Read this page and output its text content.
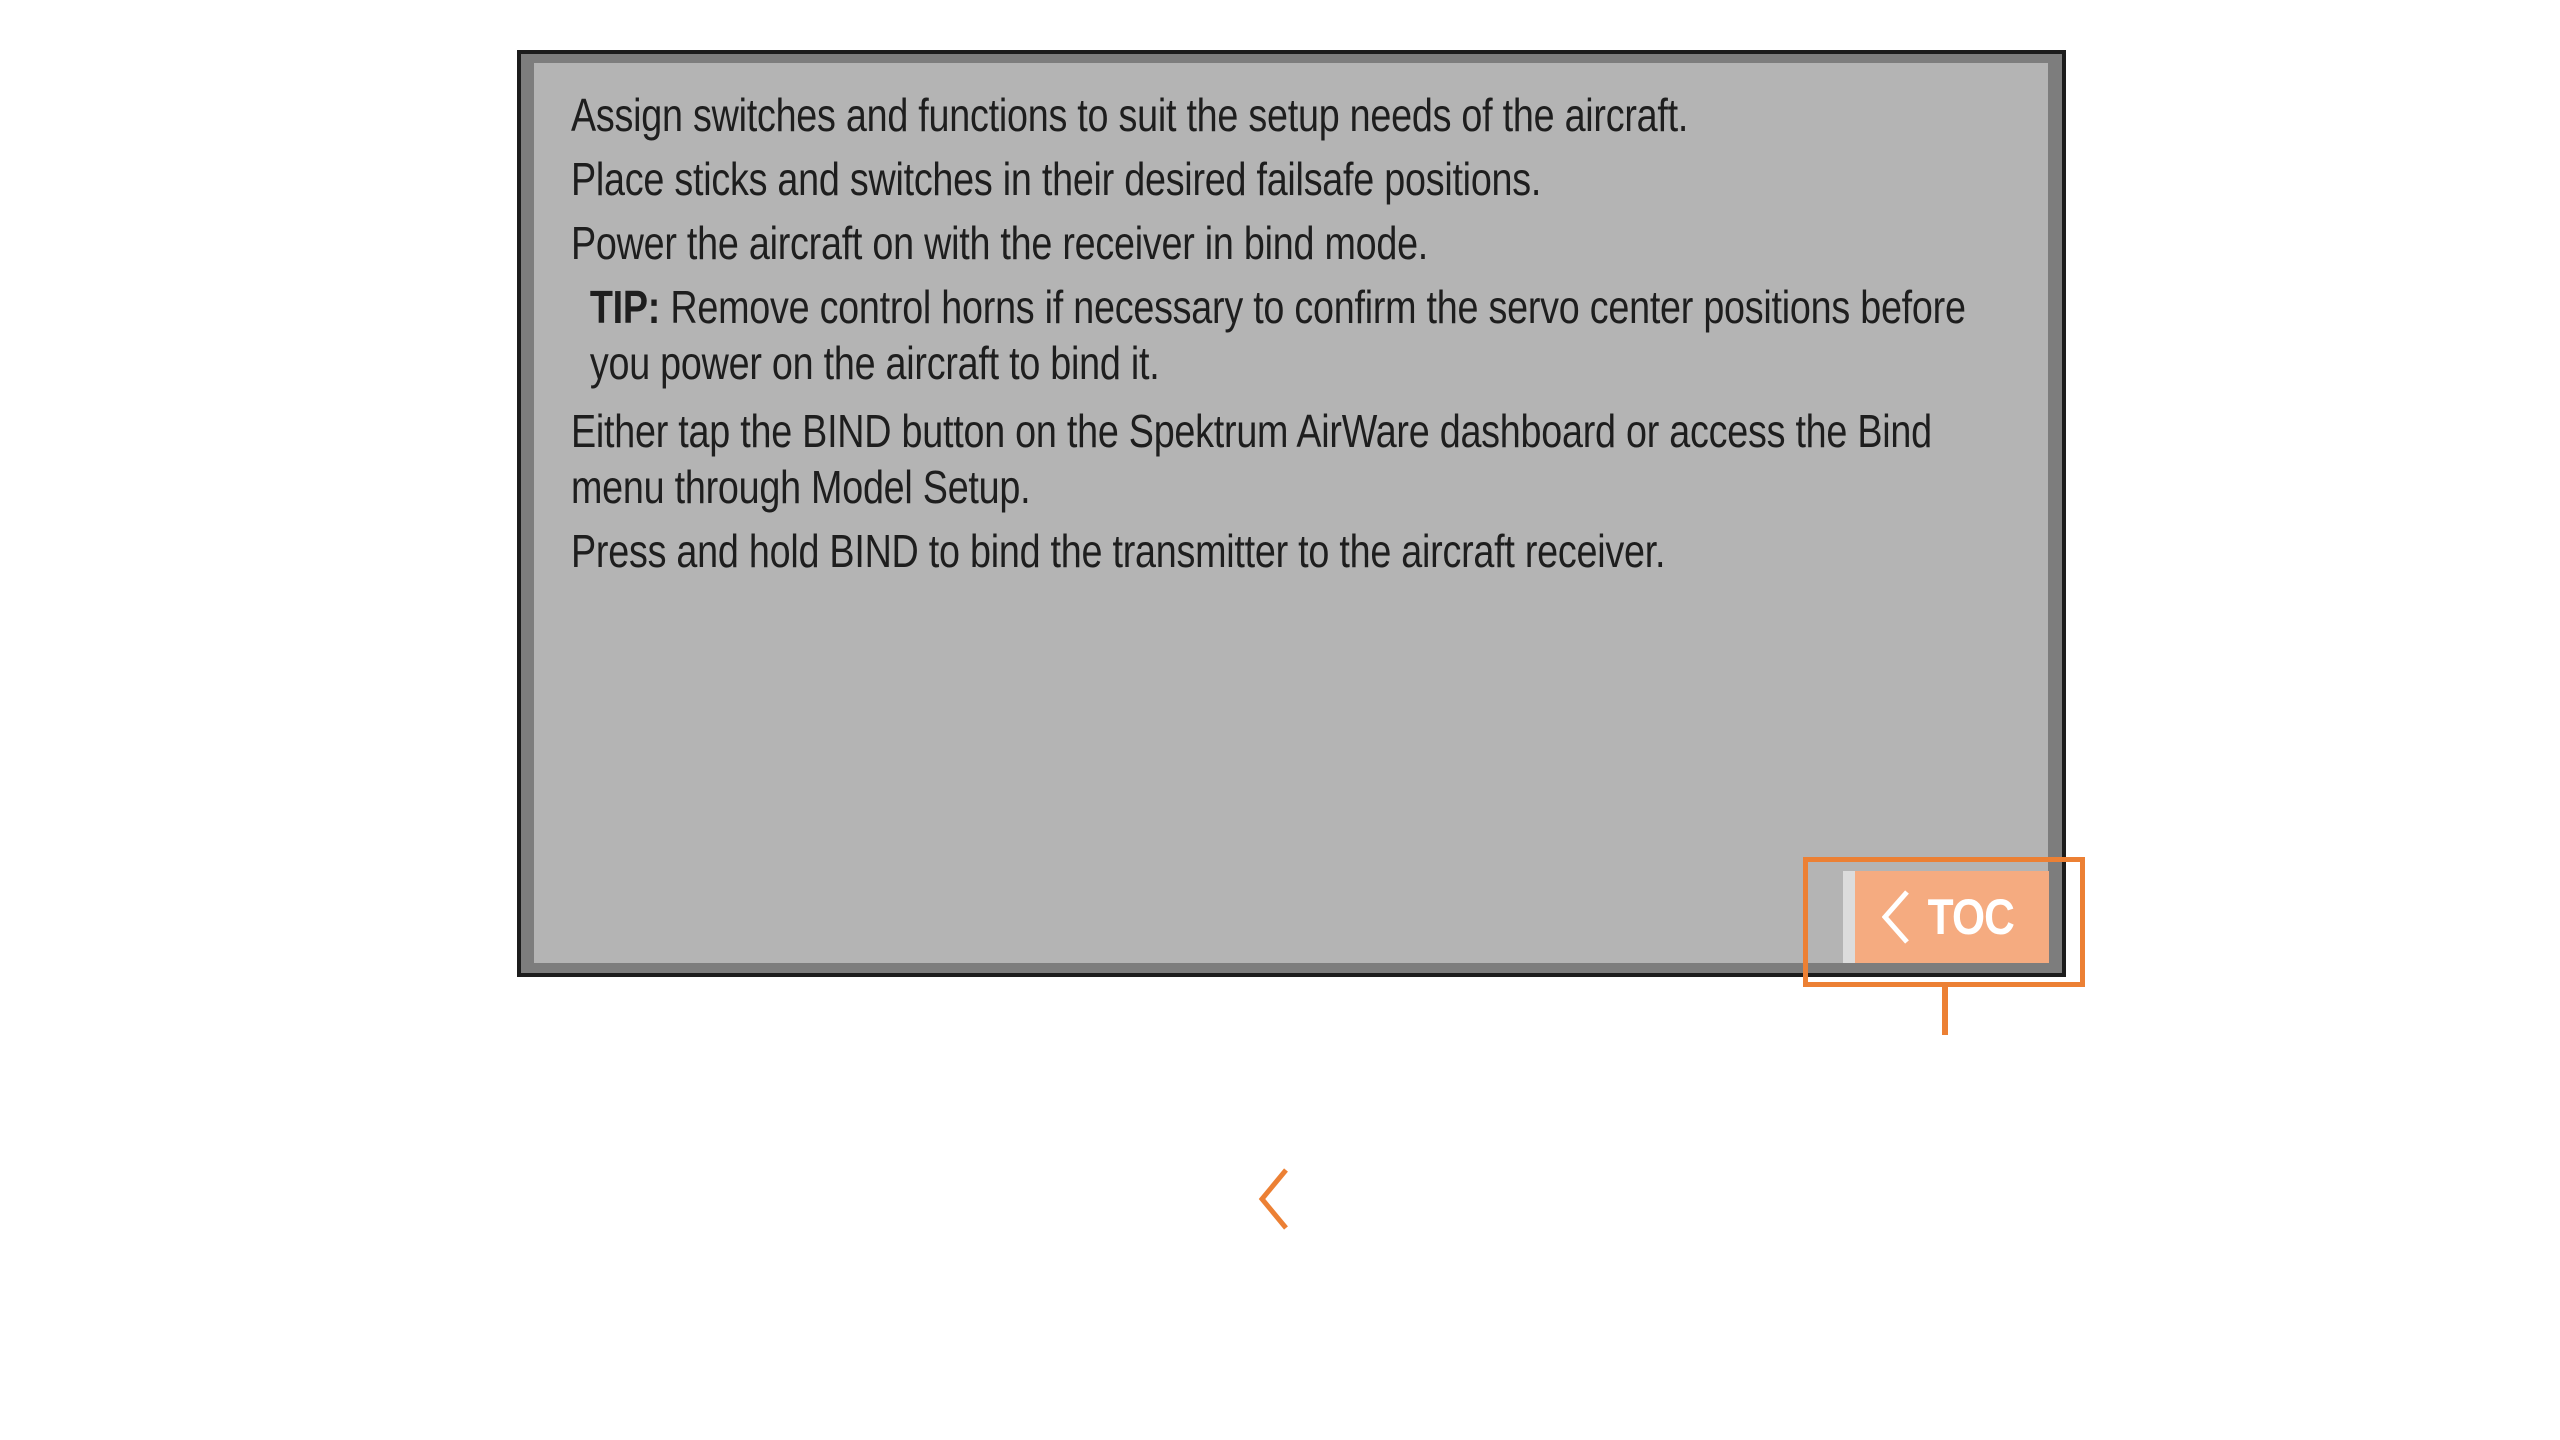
Assign switches and functions to suit the setup needs of the aircraft.

Place sticks and switches in their desired failsafe positions.

Power the aircraft on with the receiver in bind mode.

TIP: Remove control horns if necessary to confirm the servo center positions before you power on the aircraft to bind it.

Either tap the BIND button on the Spektrum AirWare dashboard or access the Bind menu through Model Setup.

Press and hold BIND to bind the transmitter to the aircraft receiver.

TOC
